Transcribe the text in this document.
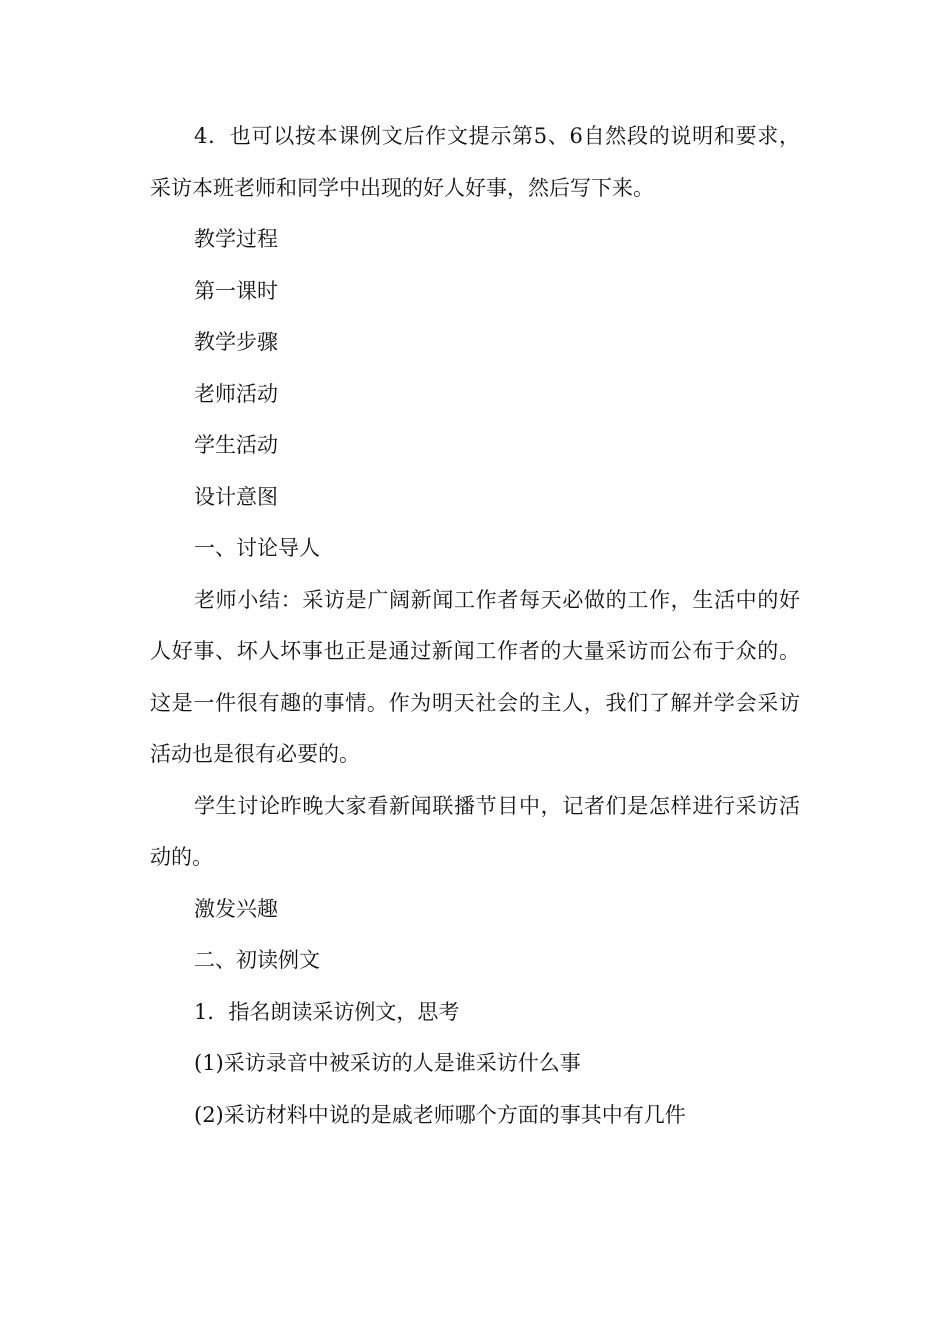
4．也可以按本课例文后作文提示第5、6自然段的说明和要求，采访本班老师和同学中出现的好人好事，然后写下来。

教学过程

第一课时

教学步骤

老师活动

学生活动

设计意图

一、讨论导人

老师小结：采访是广阔新闻工作者每天必做的工作，生活中的好人好事、坏人坏事也正是通过新闻工作者的大量采访而公布于众的。这是一件很有趣的事情。作为明天社会的主人，我们了解并学会采访活动也是很有必要的。

学生讨论昨晚大家看新闻联播节目中，记者们是怎样进行采访活动的。

激发兴趣

二、初读例文

1．指名朗读采访例文，思考

(1)采访录音中被采访的人是谁采访什么事

(2)采访材料中说的是戚老师哪个方面的事其中有几件
